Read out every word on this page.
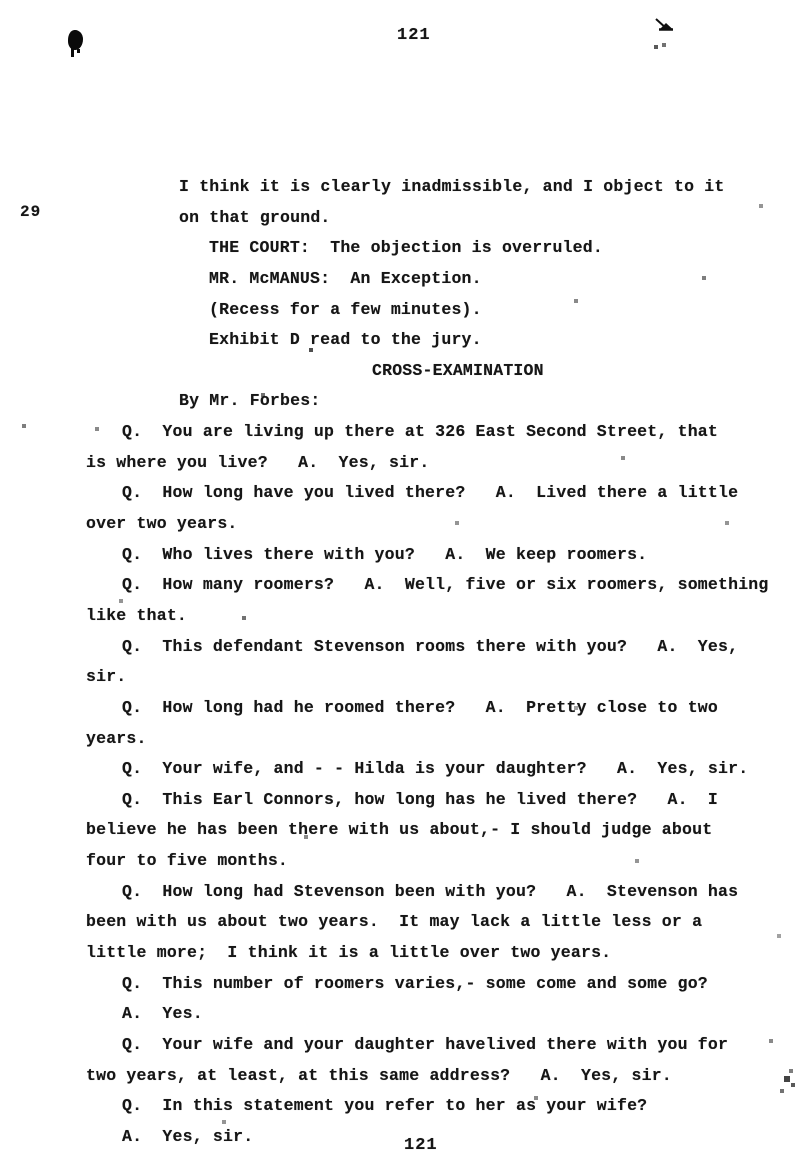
121
29
I think it is clearly inadmissible, and I object to it
on that ground.
THE COURT:  The objection is overruled.
MR. McMANUS:  An Exception.
(Recess for a few minutes).
Exhibit D read to the jury.
CROSS-EXAMINATION
By Mr. Forbes:
Q.  You are living up there at 326 East Second Street, that
is where you live?   A.  Yes, sir.
Q.  How long have you lived there?   A.  Lived there a little
over two years.
Q.  Who lives there with you?   A.  We keep roomers.
Q.  How many roomers?   A.  Well, five or six roomers, something
like that.
Q.  This defendant Stevenson rooms there with you?   A.  Yes,
sir.
Q.  How long had he roomed there?   A.  Pretty close to two
years.
Q.  Your wife, and - - Hilda is your daughter?   A.  Yes, sir.
Q.  This Earl Connors, how long has he lived there?   A.  I
believe he has been there with us about,- I should judge about
four to five months.
Q.  How long had Stevenson been with you?   A.  Stevenson has
been with us about two years.  It may lack a little less or a
little more;  I think it is a little over two years.
Q.  This number of roomers varies,- some come and some go?
A.  Yes.
Q.  Your wife and your daughter havelived there with you for
two years, at least, at this same address?   A.  Yes, sir.
Q.  In this statement you refer to her as your wife?
A.  Yes, sir.	121
